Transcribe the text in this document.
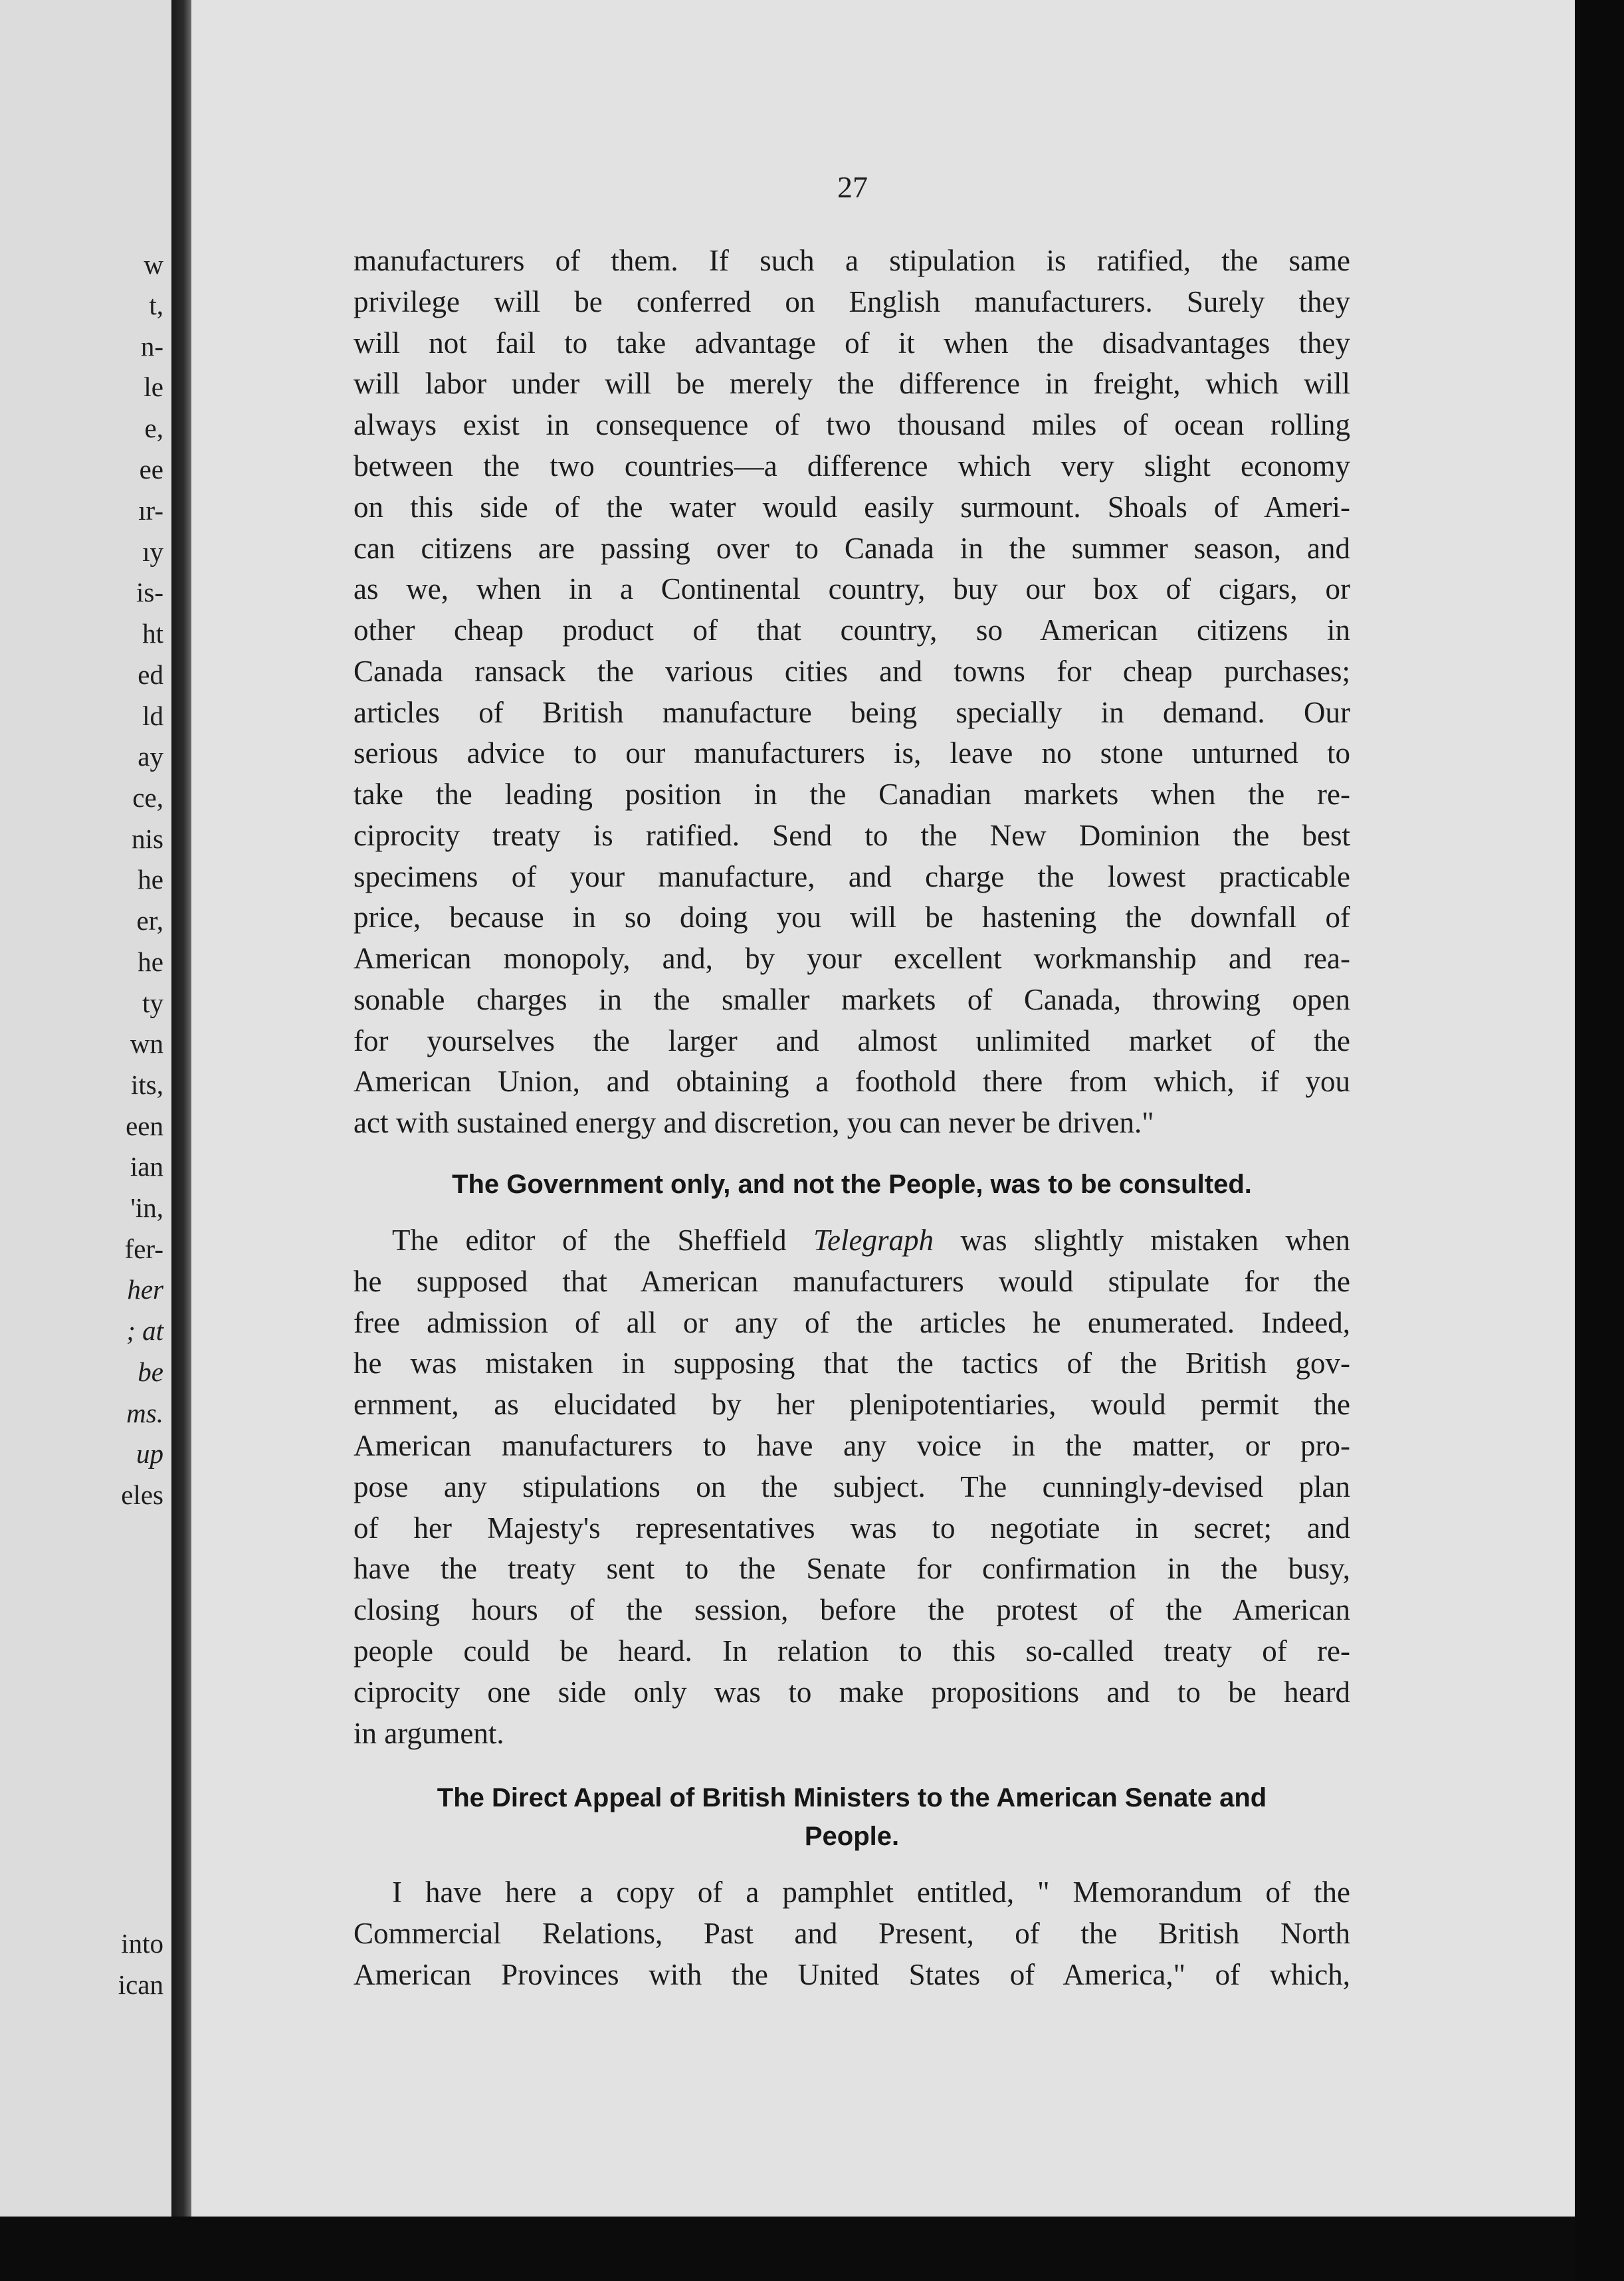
w

t,

n-

le

e,

ee

ır-

ıy

is-

ht

ed

ld

ay

ce,

nis

he

er,

he

ty

wn

its,

een

ian

'in,

fer-

her

; at

be

ms.

up

eles

into

ican

27

manufacturers of them. If such a stipulation is ratified, the same

privilege will be conferred on English manufacturers. Surely they

will not fail to take advantage of it when the disadvantages they

will labor under will be merely the difference in freight, which will

always exist in consequence of two thousand miles of ocean rolling

between the two countries—a difference which very slight economy

on this side of the water would easily surmount. Shoals of Ameri-

can citizens are passing over to Canada in the summer season, and

as we, when in a Continental country, buy our box of cigars, or

other cheap product of that country, so American citizens in

Canada ransack the various cities and towns for cheap purchases;

articles of British manufacture being specially in demand. Our

serious advice to our manufacturers is, leave no stone unturned to

take the leading position in the Canadian markets when the re-

ciprocity treaty is ratified. Send to the New Dominion the best

specimens of your manufacture, and charge the lowest practicable

price, because in so doing you will be hastening the downfall of

American monopoly, and, by your excellent workmanship and rea-

sonable charges in the smaller markets of Canada, throwing open

for yourselves the larger and almost unlimited market of the

American Union, and obtaining a foothold there from which, if you

act with sustained energy and discretion, you can never be driven."

The Government only, and not the People, was to be consulted.

The editor of the Sheffield Telegraph was slightly mistaken when

he supposed that American manufacturers would stipulate for the

free admission of all or any of the articles he enumerated. Indeed,

he was mistaken in supposing that the tactics of the British gov-

ernment, as elucidated by her plenipotentiaries, would permit the

American manufacturers to have any voice in the matter, or pro-

pose any stipulations on the subject. The cunningly-devised plan

of her Majesty's representatives was to negotiate in secret; and

have the treaty sent to the Senate for confirmation in the busy,

closing hours of the session, before the protest of the American

people could be heard. In relation to this so-called treaty of re-

ciprocity one side only was to make propositions and to be heard

in argument.

The Direct Appeal of British Ministers to the American Senate and
People.

I have here a copy of a pamphlet entitled, " Memorandum of the

Commercial Relations, Past and Present, of the British North

American Provinces with the United States of America," of which,
